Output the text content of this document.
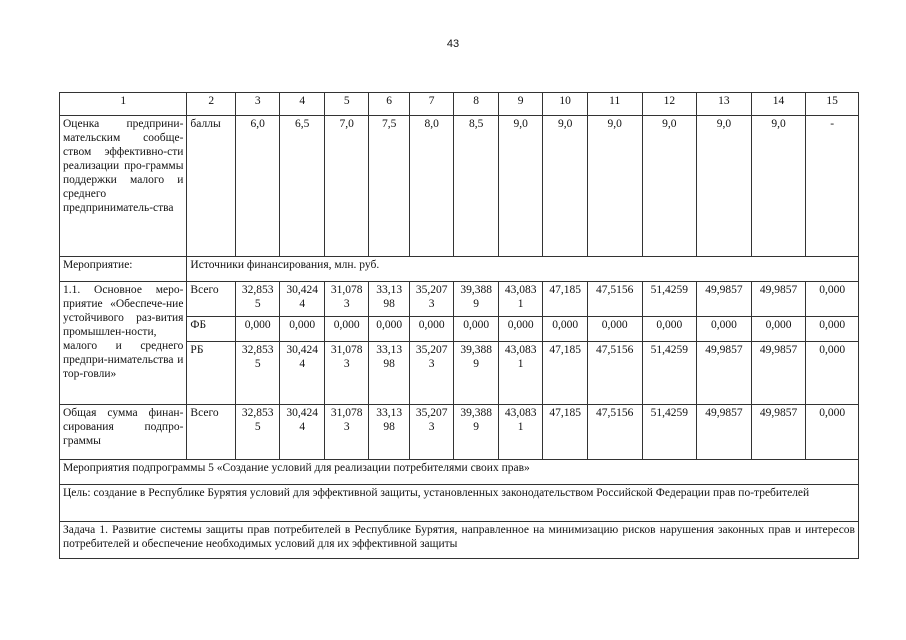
43
1	2	3	4	5	6	7	8	9	10	11	12	13	14	15
Оценка предприни-мательским сообще-ством эффективно-сти реализации про-граммы поддержки малого и среднего предприниматель-ства	баллы	6,0	6,5	7,0	7,5	8,0	8,5	9,0	9,0	9,0	9,0	9,0	9,0	-
Мероприятие:	Источники финансирования, млн. руб.													
1.1. Основное меро-приятие «Обеспече-ние устойчивого раз-вития промышлен-ности, малого и среднего предпри-нимательства и тор-говли»	Всего	32,853 5	30,424 4	31,078 3	33,13 98	35,207 3	39,388 9	43,083 1	47,185	47,5156	51,4259	49,9857	49,9857	0,000
	ФБ	0,000	0,000	0,000	0,000	0,000	0,000	0,000	0,000	0,000	0,000	0,000	0,000	0,000
	РБ	32,853 5	30,424 4	31,078 3	33,13 98	35,207 3	39,388 9	43,083 1	47,185	47,5156	51,4259	49,9857	49,9857	0,000
Общая сумма финан-сирования подпро-граммы	Всего	32,853 5	30,424 4	31,078 3	33,13 98	35,207 3	39,388 9	43,083 1	47,185	47,5156	51,4259	49,9857	49,9857	0,000
Мероприятия подпрограммы 5 «Создание условий для реализации потребителями своих прав»														
Цель: создание в Республике Бурятия условий для эффективной защиты, установленных законодательством Российской Федерации прав по-требителей														
Задача 1. Развитие системы защиты прав потребителей в Республике Бурятия, направленное на минимизацию рисков нарушения законных прав и интересов потребителей и обеспечение необходимых условий для их эффективной защиты														
